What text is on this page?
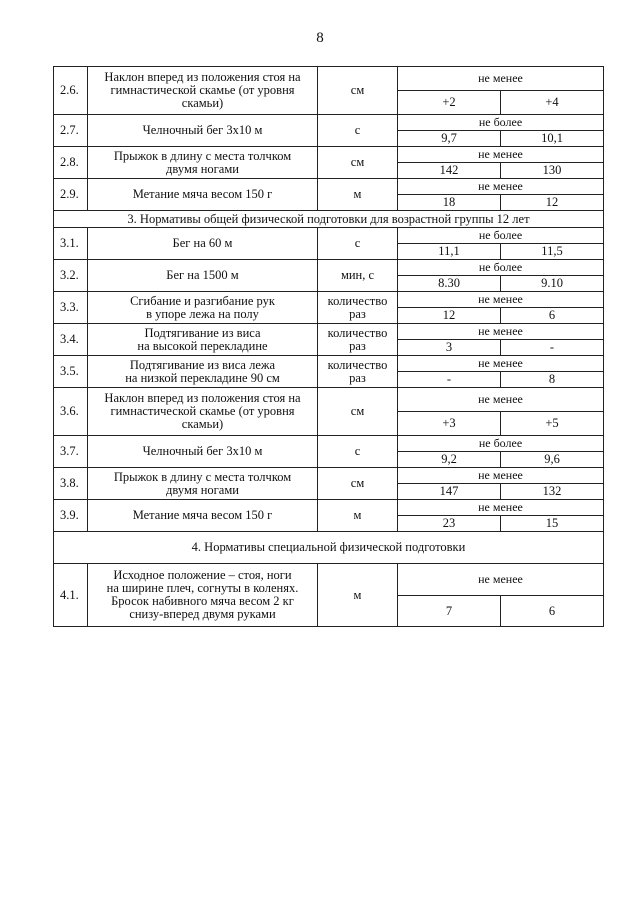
8
2.6.	Наклон вперед из положения стоя на
гимнастической скамье (от уровня
скамьи)	см	не менее	
			+2	+4
2.7.	Челночный бег 3х10 м	с	не более	
			9,7	10,1
2.8.	Прыжок в длину с места толчком
двумя ногами	см	не менее	
			142	130
2.9.	Метание мяча весом 150 г	м	не менее	
			18	12
3. Нормативы общей физической подготовки для возрастной группы 12 лет				
3.1.	Бег на 60 м	с	не более	
			11,1	11,5
3.2.	Бег на 1500 м	мин, с	не более	
			8.30	9.10
3.3.	Сгибание и разгибание рук
в упоре лежа на полу	количество
раз	не менее	
			12	6
3.4.	Подтягивание из виса
на высокой перекладине	количество
раз	не менее	
			3	-
3.5.	Подтягивание из виса лежа
на низкой перекладине 90 см	количество
раз	не менее	
			-	8
3.6.	Наклон вперед из положения стоя на
гимнастической скамье (от уровня
скамьи)	см	не менее	
			+3	+5
3.7.	Челночный бег 3х10 м	с	не более	
			9,2	9,6
3.8.	Прыжок в длину с места толчком
двумя ногами	см	не менее	
			147	132
3.9.	Метание мяча весом 150 г	м	не менее	
			23	15
4. Нормативы специальной физической подготовки				
4.1.	Исходное положение – стоя, ноги
на ширине плеч, согнуты в коленях.
Бросок набивного мяча весом 2 кг
снизу-вперед двумя руками	м	не менее	
			7	6
